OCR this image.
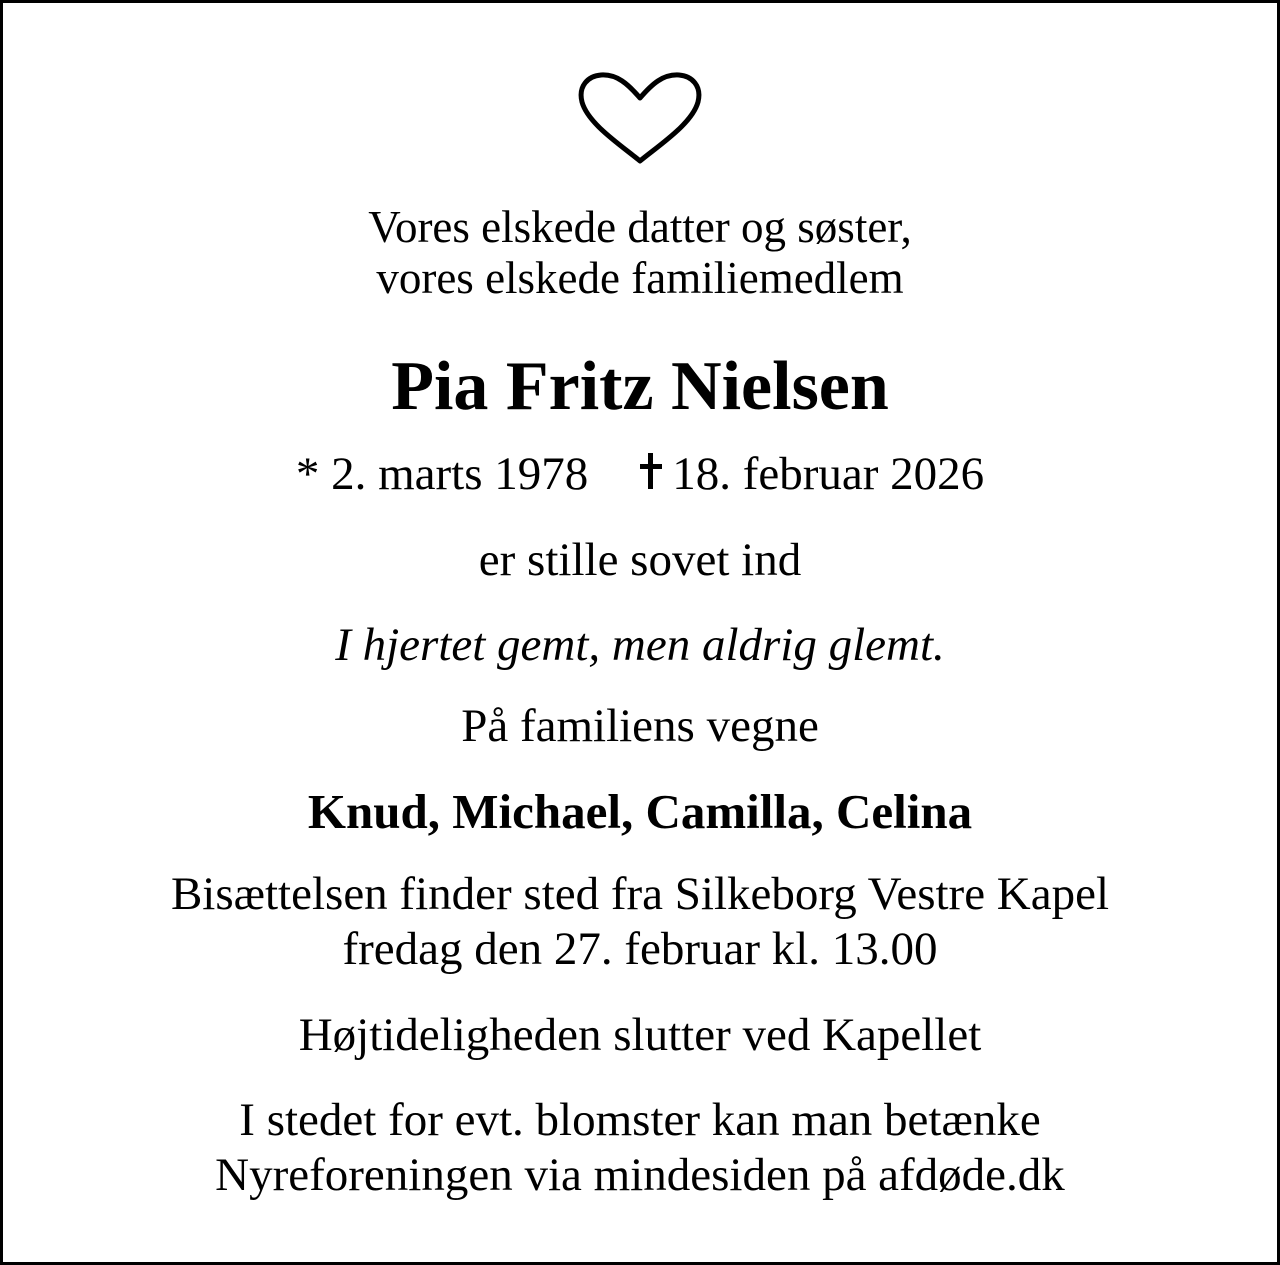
Vores elskede datter og søster,
vores elskede familiemedlem
Pia Fritz Nielsen
* 2. marts 1978 18. februar 2026
er stille sovet ind
I hjertet gemt, men aldrig glemt.
På familiens vegne
Knud, Michael, Camilla, Celina
Bisættelsen finder sted fra Silkeborg Vestre Kapel
fredag den 27. februar kl. 13.00
Højtideligheden slutter ved Kapellet
I stedet for evt. blomster kan man betænke
Nyreforeningen via mindesiden på afdøde.dk
